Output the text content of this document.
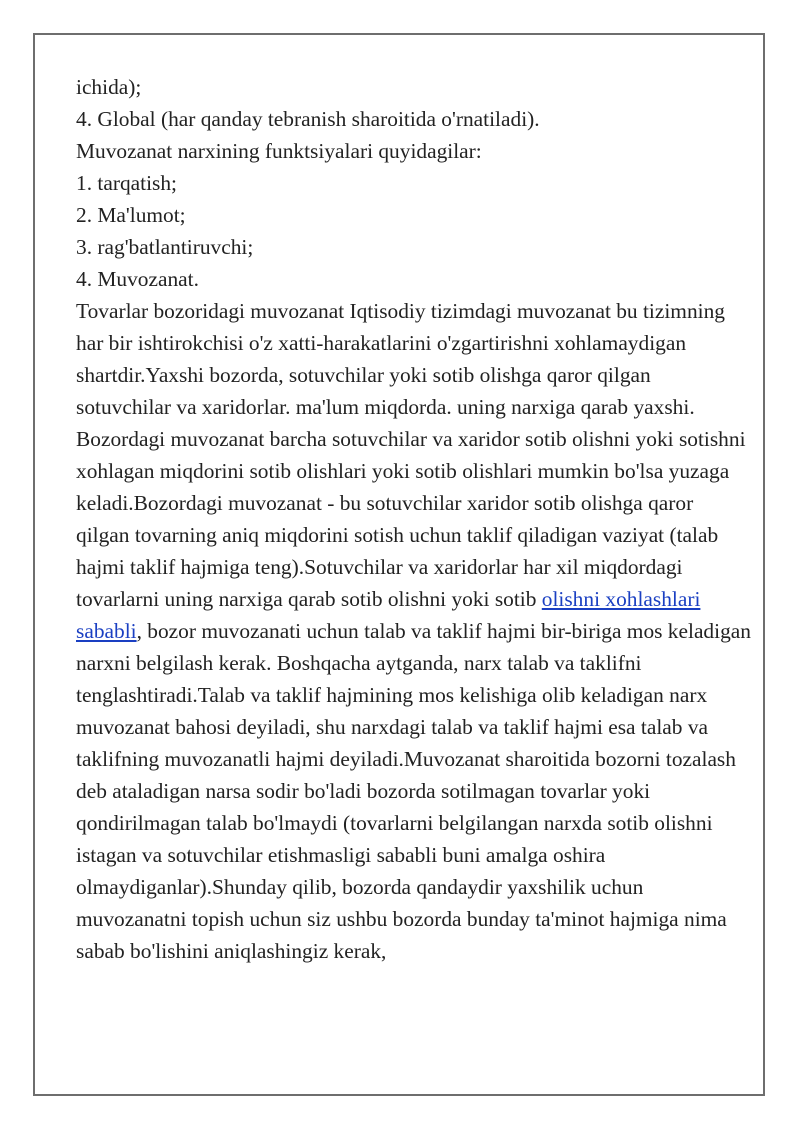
ichida);

4. Global (har qanday tebranish sharoitida o'rnatiladi).

Muvozanat narxining funktsiyalari quyidagilar:

1. tarqatish;

2. Ma'lumot;

3. rag'batlantiruvchi;

4. Muvozanat.

Tovarlar bozoridagi muvozanat Iqtisodiy tizimdagi muvozanat bu tizimning har bir ishtirokchisi o'z xatti-harakatlarini o'zgartirishni xohlamaydigan shartdir.Yaxshi bozorda, sotuvchilar yoki sotib olishga qaror qilgan sotuvchilar va xaridorlar. ma'lum miqdorda. uning narxiga qarab yaxshi. Bozordagi muvozanat barcha sotuvchilar va xaridor sotib olishni yoki sotishni xohlagan miqdorini sotib olishlari yoki sotib olishlari mumkin bo'lsa yuzaga keladi.Bozordagi muvozanat - bu sotuvchilar xaridor sotib olishga qaror qilgan tovarning aniq miqdorini sotish uchun taklif qiladigan vaziyat (talab hajmi taklif hajmiga teng).Sotuvchilar va xaridorlar har xil miqdordagi tovarlarni uning narxiga qarab sotib olishni yoki sotib olishni xohlashlari sababli, bozor muvozanati uchun talab va taklif hajmi bir-biriga mos keladigan narxni belgilash kerak. Boshqacha aytganda, narx talab va taklifni tenglashtiradi.Talab va taklif hajmining mos kelishiga olib keladigan narx muvozanat bahosi deyiladi, shu narxdagi talab va taklif hajmi esa talab va taklifning muvozanatli hajmi deyiladi.Muvozanat sharoitida bozorni tozalash deb ataladigan narsa sodir bo'ladi bozorda sotilmagan tovarlar yoki qondirilmagan talab bo'lmaydi (tovarlarni belgilangan narxda sotib olishni istagan va sotuvchilar etishmasligi sababli buni amalga oshira olmaydiganlar).Shunday qilib, bozorda qandaydir yaxshilik uchun muvozanatni topish uchun siz ushbu bozorda bunday ta'minot hajmiga nima sabab bo'lishini aniqlashingiz kerak,
